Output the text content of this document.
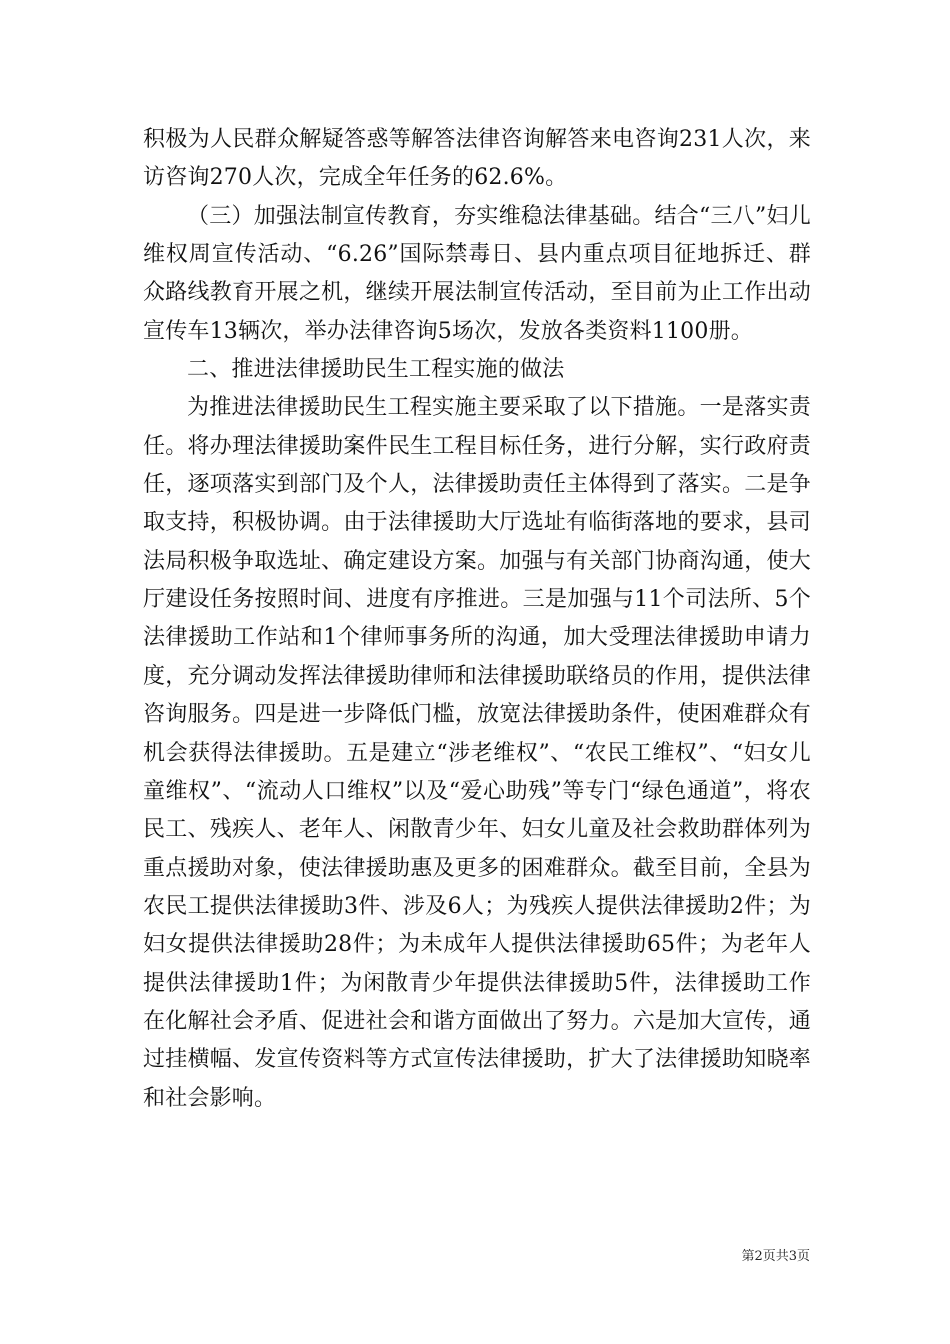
积极为人民群众解疑答惑等解答法律咨询解答来电咨询231人次，来访咨询270人次，完成全年任务的62.6%。

（三）加强法制宣传教育，夯实维稳法律基础。结合“三八”妇儿维权周宣传活动、“6.26”国际禁毒日、县内重点项目征地拆迁、群众路线教育开展之机，继续开展法制宣传活动，至目前为止工作出动宣传车13辆次，举办法律咨询5场次，发放各类资料1100册。

二、推进法律援助民生工程实施的做法

为推进法律援助民生工程实施主要采取了以下措施。一是落实责任。将办理法律援助案件民生工程目标任务，进行分解，实行政府责任，逐项落实到部门及个人，法律援助责任主体得到了落实。二是争取支持，积极协调。由于法律援助大厅选址有临街落地的要求，县司法局积极争取选址、确定建设方案。加强与有关部门协商沟通，使大厅建设任务按照时间、进度有序推进。三是加强与11个司法所、5个法律援助工作站和1个律师事务所的沟通，加大受理法律援助申请力度，充分调动发挥法律援助律师和法律援助联络员的作用，提供法律咨询服务。四是进一步降低门槛，放宽法律援助条件，使困难群众有机会获得法律援助。五是建立“涉老维权”、“农民工维权”、“妇女儿童维权”、“流动人口维权”以及“爱心助残”等专门“绿色通道”，将农民工、残疾人、老年人、闲散青少年、妇女儿童及社会救助群体列为重点援助对象，使法律援助惠及更多的困难群众。截至目前，全县为农民工提供法律援助3件、涉及6人；为残疾人提供法律援助2件；为妇女提供法律援助28件；为未成年人提供法律援助65件；为老年人提供法律援助1件；为闲散青少年提供法律援助5件，法律援助工作在化解社会矛盾、促进社会和谐方面做出了努力。六是加大宣传，通过挂横幅、发宣传资料等方式宣传法律援助，扩大了法律援助知晓率和社会影响。

第2页共3页
